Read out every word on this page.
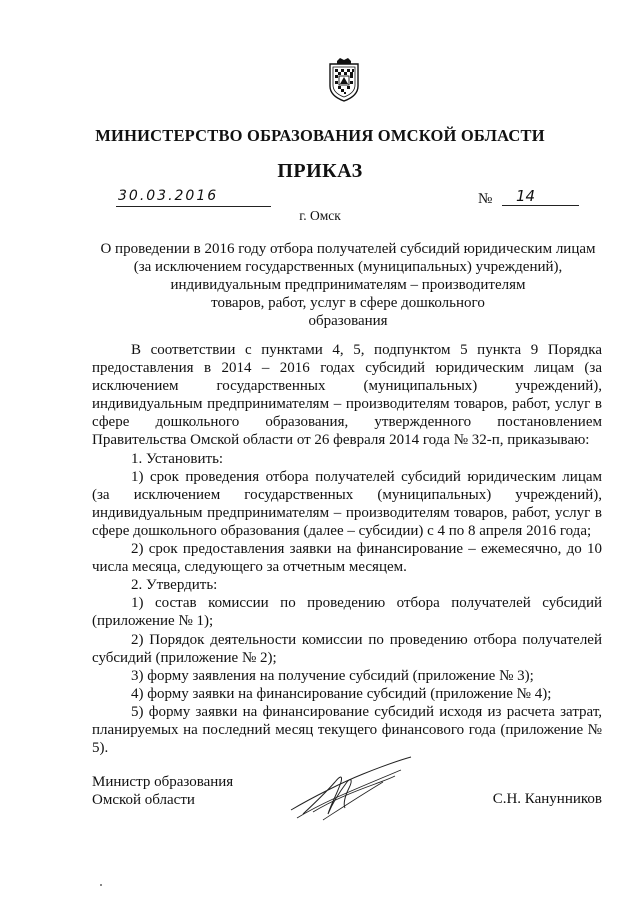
МИНИСТЕРСТВО ОБРАЗОВАНИЯ ОМСКОЙ ОБЛАСТИ
ПРИКАЗ
30.03.2016	№	14
г. Омск
О проведении в 2016 году отбора получателей субсидий юридическим лицам
(за исключением государственных (муниципальных) учреждений),
индивидуальным предпринимателям – производителям
товаров, работ, услуг в сфере дошкольного
образования

В соответствии с пунктами 4, 5, подпунктом 5 пункта 9 Порядка предоставления в 2014 – 2016 годах субсидий юридическим лицам (за исключением государственных (муниципальных) учреждений), индивидуальным предпринимателям – производителям товаров, работ, услуг в сфере дошкольного образования, утвержденного постановлением Правительства Омской области от 26 февраля 2014 года № 32-п, приказываю:

1. Установить:

1) срок проведения отбора получателей субсидий юридическим лицам (за исключением государственных (муниципальных) учреждений), индивидуальным предпринимателям – производителям товаров, работ, услуг в сфере дошкольного образования (далее – субсидии) с 4 по 8 апреля 2016 года;

2) срок предоставления заявки на финансирование – ежемесячно, до 10 числа месяца, следующего за отчетным месяцем.

2. Утвердить:

1) состав комиссии по проведению отбора получателей субсидий (приложение № 1);

2) Порядок деятельности комиссии по проведению отбора получателей субсидий (приложение № 2);

3) форму заявления на получение субсидий (приложение № 3);

4) форму заявки на финансирование субсидий (приложение № 4);

5) форму заявки на финансирование субсидий исходя из расчета затрат, планируемых на последний месяц текущего финансового года (приложение № 5).

Министр образования
Омской области	С.Н. Канунников
